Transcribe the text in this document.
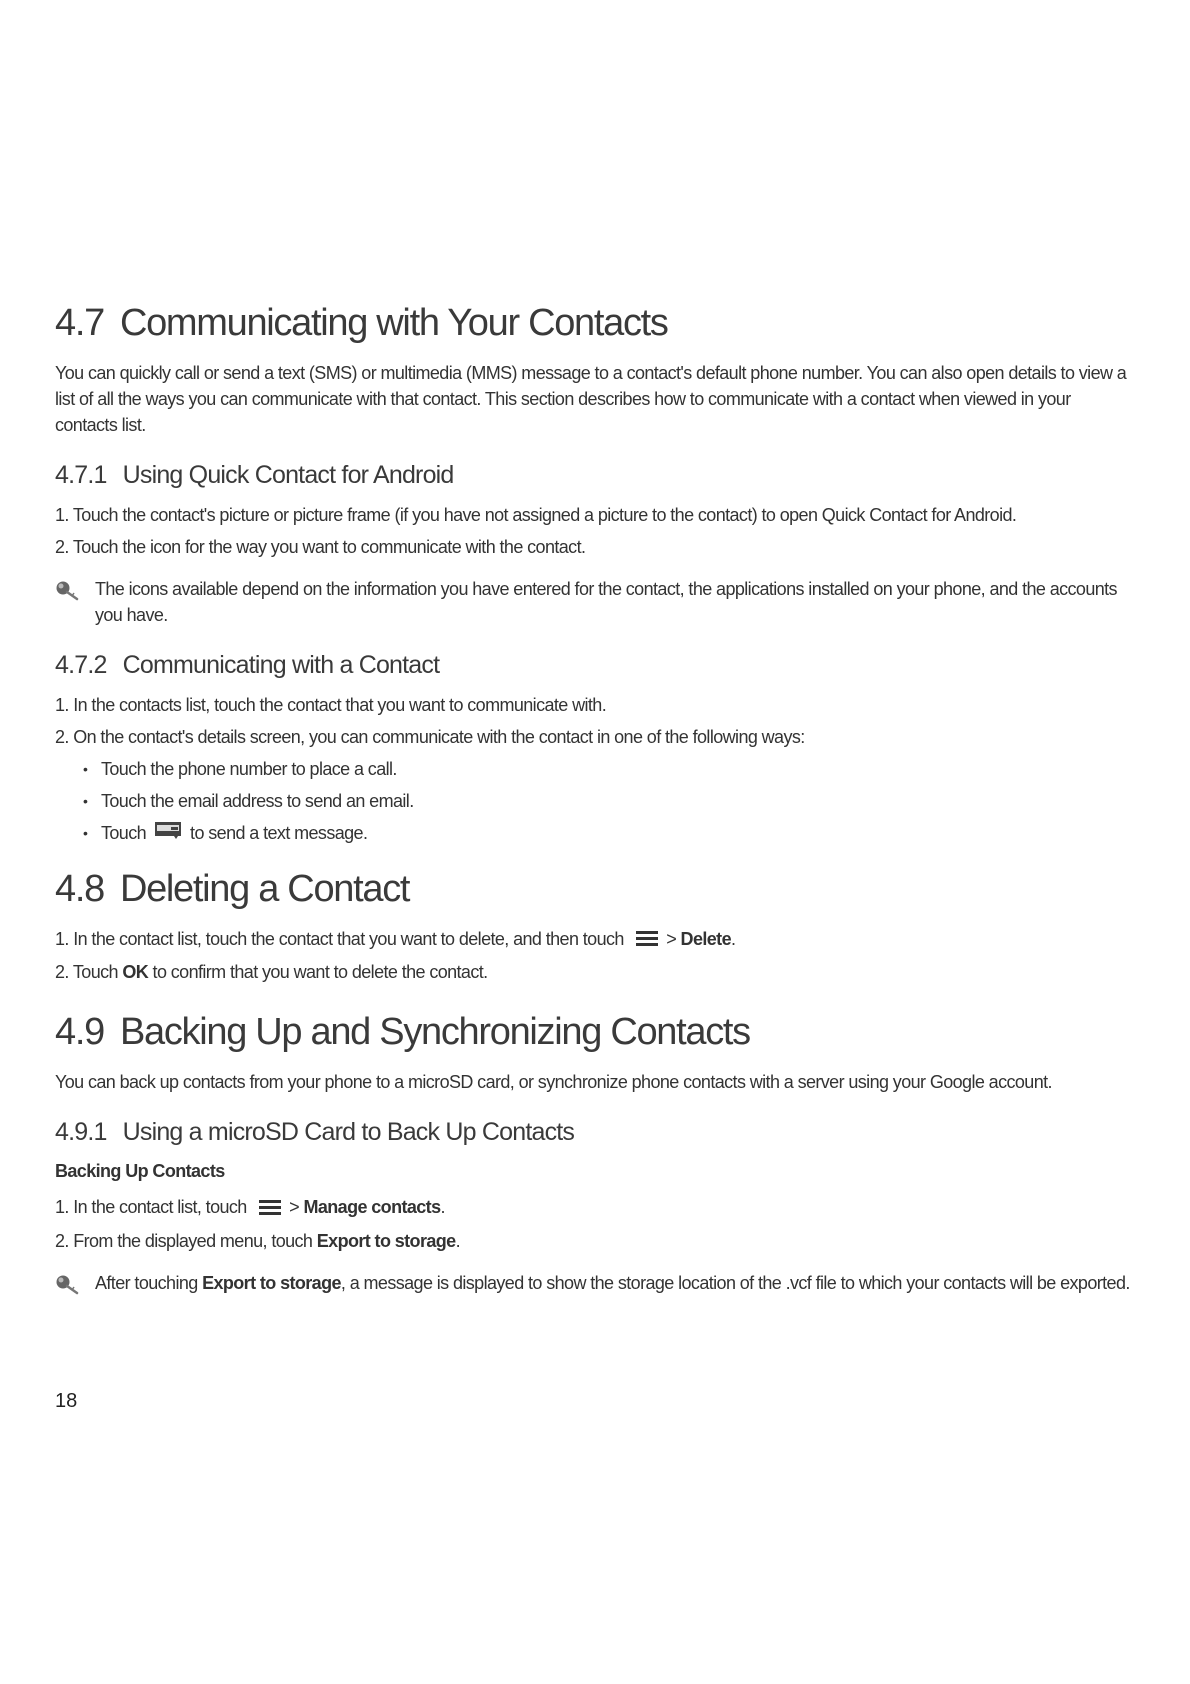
4.7 Communicating with Your Contacts

You can quickly call or send a text (SMS) or multimedia (MMS) message to a contact's default phone number. You can also open details to view a list of all the ways you can communicate with that contact. This section describes how to communicate with a contact when viewed in your contacts list.

4.7.1 Using Quick Contact for Android
1. Touch the contact's picture or picture frame (if you have not assigned a picture to the contact) to open Quick Contact for Android.
2. Touch the icon for the way you want to communicate with the contact.
The icons available depend on the information you have entered for the contact, the applications installed on your phone, and the accounts you have.
4.7.2 Communicating with a Contact
1. In the contacts list, touch the contact that you want to communicate with.
2. On the contact's details screen, you can communicate with the contact in one of the following ways:
• Touch the phone number to place a call.
• Touch the email address to send an email.
• Touch to send a text message.
4.8 Deleting a Contact
1. In the contact list, touch the contact that you want to delete, and then touch > Delete.
2. Touch OK to confirm that you want to delete the contact.
4.9 Backing Up and Synchronizing Contacts

You can back up contacts from your phone to a microSD card, or synchronize phone contacts with a server using your Google account.

4.9.1 Using a microSD Card to Back Up Contacts
Backing Up Contacts
1. In the contact list, touch > Manage contacts.
2. From the displayed menu, touch Export to storage.
After touching Export to storage, a message is displayed to show the storage location of the .vcf file to which your contacts will be exported.
18
